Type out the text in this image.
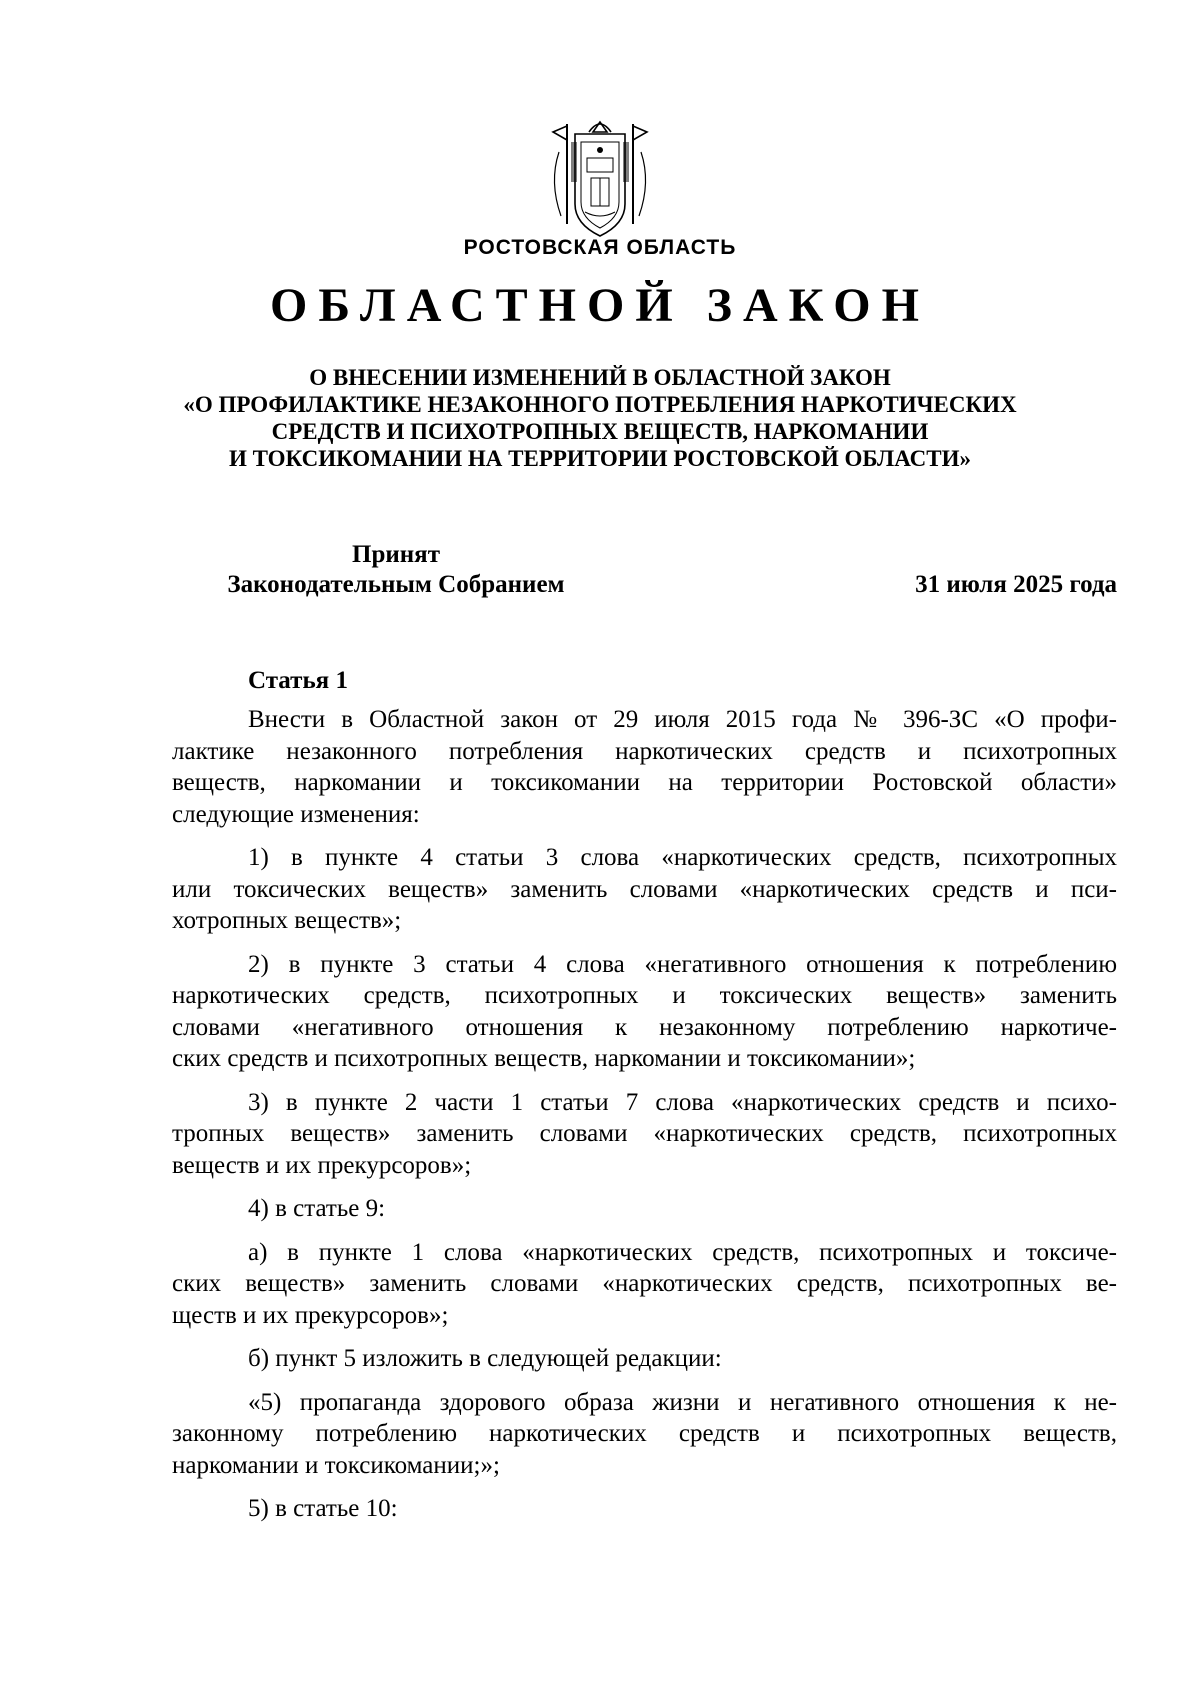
РОСТОВСКАЯ ОБЛАСТЬ
ОБЛАСТНОЙ ЗАКОН
О ВНЕСЕНИИ ИЗМЕНЕНИЙ В ОБЛАСТНОЙ ЗАКОН
«О ПРОФИЛАКТИКЕ НЕЗАКОННОГО ПОТРЕБЛЕНИЯ НАРКОТИЧЕСКИХ
СРЕДСТВ И ПСИХОТРОПНЫХ ВЕЩЕСТВ, НАРКОМАНИИ
И ТОКСИКОМАНИИ НА ТЕРРИТОРИИ РОСТОВСКОЙ ОБЛАСТИ»
Принят
Законодательным Собранием	31 июля 2025 года
Статья 1
Внести в Областной закон от 29 июля 2015 года № 396-ЗС «О профи-
лактике незаконного потребления наркотических средств и психотропных
веществ, наркомании и токсикомании на территории Ростовской области»
следующие изменения:
1) в пункте 4 статьи 3 слова «наркотических средств, психотропных
или токсических веществ» заменить словами «наркотических средств и пси-
хотропных веществ»;
2) в пункте 3 статьи 4 слова «негативного отношения к потреблению
наркотических средств, психотропных и токсических веществ» заменить
словами «негативного отношения к незаконному потреблению наркотиче-
ских средств и психотропных веществ, наркомании и токсикомании»;
3) в пункте 2 части 1 статьи 7 слова «наркотических средств и психо-
тропных веществ» заменить словами «наркотических средств, психотропных
веществ и их прекурсоров»;
4) в статье 9:
а) в пункте 1 слова «наркотических средств, психотропных и токсиче-
ских веществ» заменить словами «наркотических средств, психотропных ве-
ществ и их прекурсоров»;
б) пункт 5 изложить в следующей редакции:
«5) пропаганда здорового образа жизни и негативного отношения к не-
законному потреблению наркотических средств и психотропных веществ,
наркомании и токсикомании;»;
5) в статье 10:
